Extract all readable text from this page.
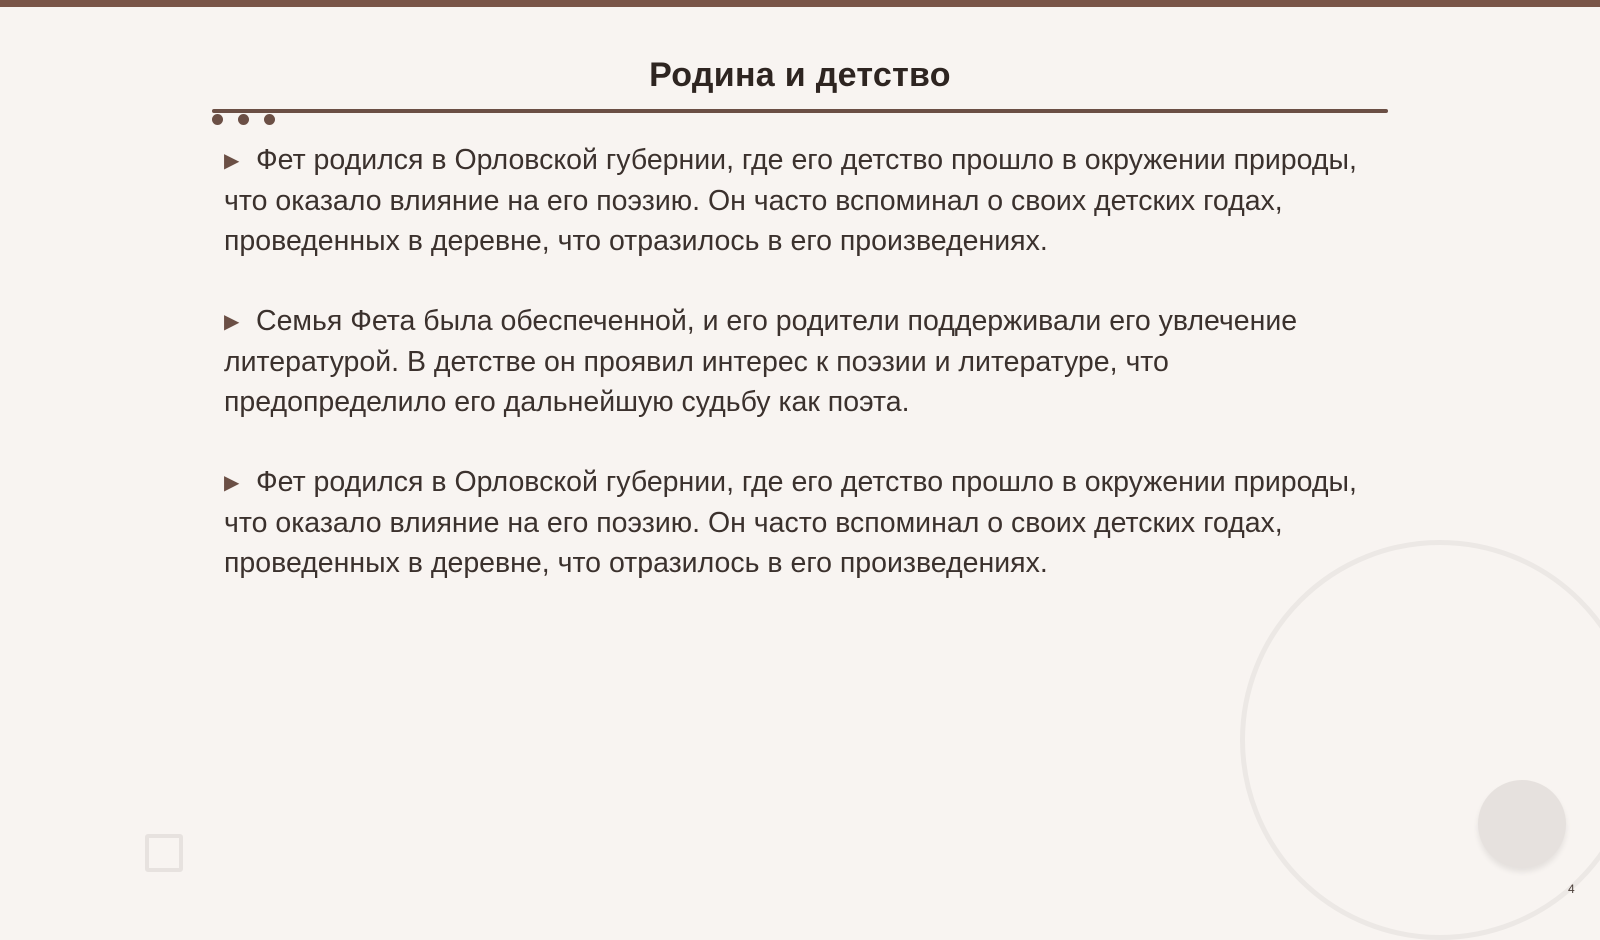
Родина и детство

▶ Фет родился в Орловской губернии, где его детство прошло в окружении природы, что оказало влияние на его поэзию. Он часто вспоминал о своих детских годах, проведенных в деревне, что отразилось в его произведениях.

▶ Семья Фета была обеспеченной, и его родители поддерживали его увлечение литературой. В детстве он проявил интерес к поэзии и литературе, что предопределило его дальнейшую судьбу как поэта.

▶ Фет родился в Орловской губернии, где его детство прошло в окружении природы, что оказало влияние на его поэзию. Он часто вспоминал о своих детских годах, проведенных в деревне, что отразилось в его произведениях.

4
